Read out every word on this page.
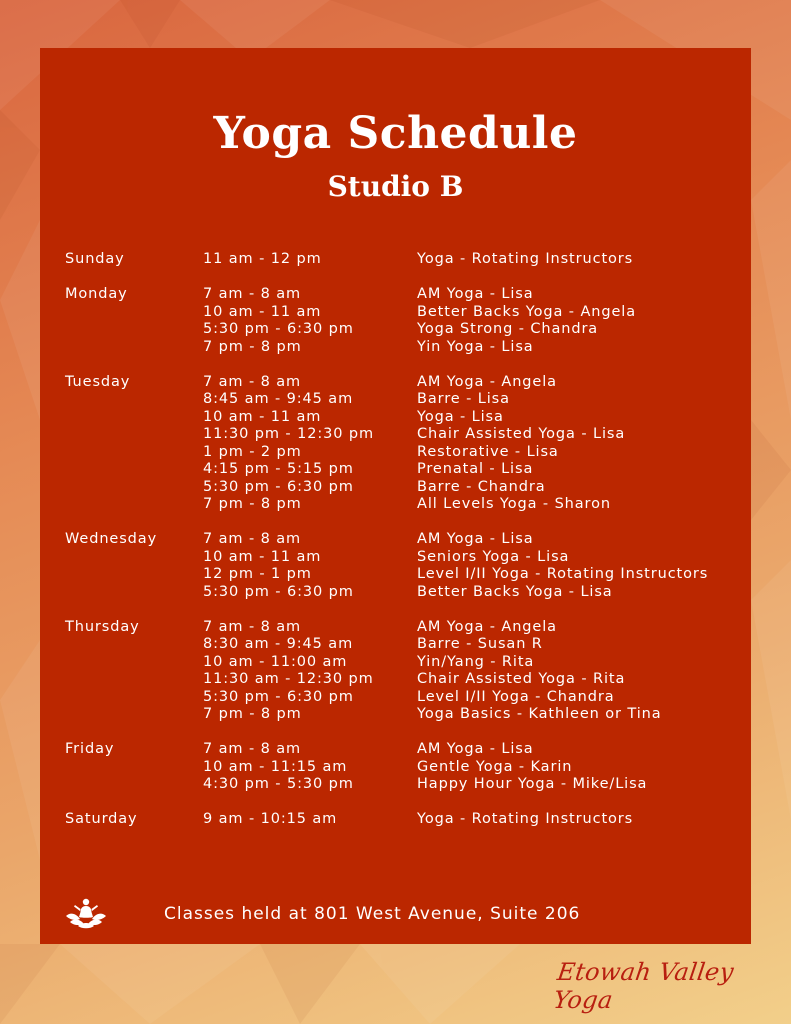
Yoga Schedule
Studio B
Sunday	11 am - 12 pm	Yoga - Rotating Instructors
Monday	7 am - 8 am	AM Yoga - Lisa
10 am - 11 am	Better Backs Yoga - Angela
5:30 pm - 6:30 pm	Yoga Strong - Chandra
7 pm - 8 pm	Yin Yoga - Lisa
Tuesday	7 am - 8 am	AM Yoga - Angela
8:45 am - 9:45 am	Barre - Lisa
10 am - 11 am	Yoga - Lisa
11:30 pm - 12:30 pm	Chair Assisted Yoga - Lisa
1 pm - 2 pm	Restorative - Lisa
4:15 pm - 5:15 pm	Prenatal - Lisa
5:30 pm - 6:30 pm	Barre - Chandra
7 pm - 8 pm	All Levels Yoga - Sharon
Wednesday	7 am - 8 am	AM Yoga - Lisa
10 am - 11 am	Seniors Yoga - Lisa
12 pm - 1 pm	Level I/II Yoga - Rotating Instructors
5:30 pm - 6:30 pm	Better Backs Yoga - Lisa
Thursday	7 am - 8 am	AM Yoga - Angela
8:30 am - 9:45 am	Barre - Susan R
10 am - 11:00 am	Yin/Yang - Rita
11:30 am - 12:30 pm	Chair Assisted Yoga - Rita
5:30 pm - 6:30 pm	Level I/II Yoga - Chandra
7 pm - 8 pm	Yoga Basics - Kathleen or Tina
Friday	7 am - 8 am	AM Yoga - Lisa
10 am - 11:15 am	Gentle Yoga - Karin
4:30 pm - 5:30 pm	Happy Hour Yoga - Mike/Lisa
Saturday	9 am - 10:15 am	Yoga - Rotating Instructors
Classes held at 801 West Avenue, Suite 206
Etowah Valley Yoga
